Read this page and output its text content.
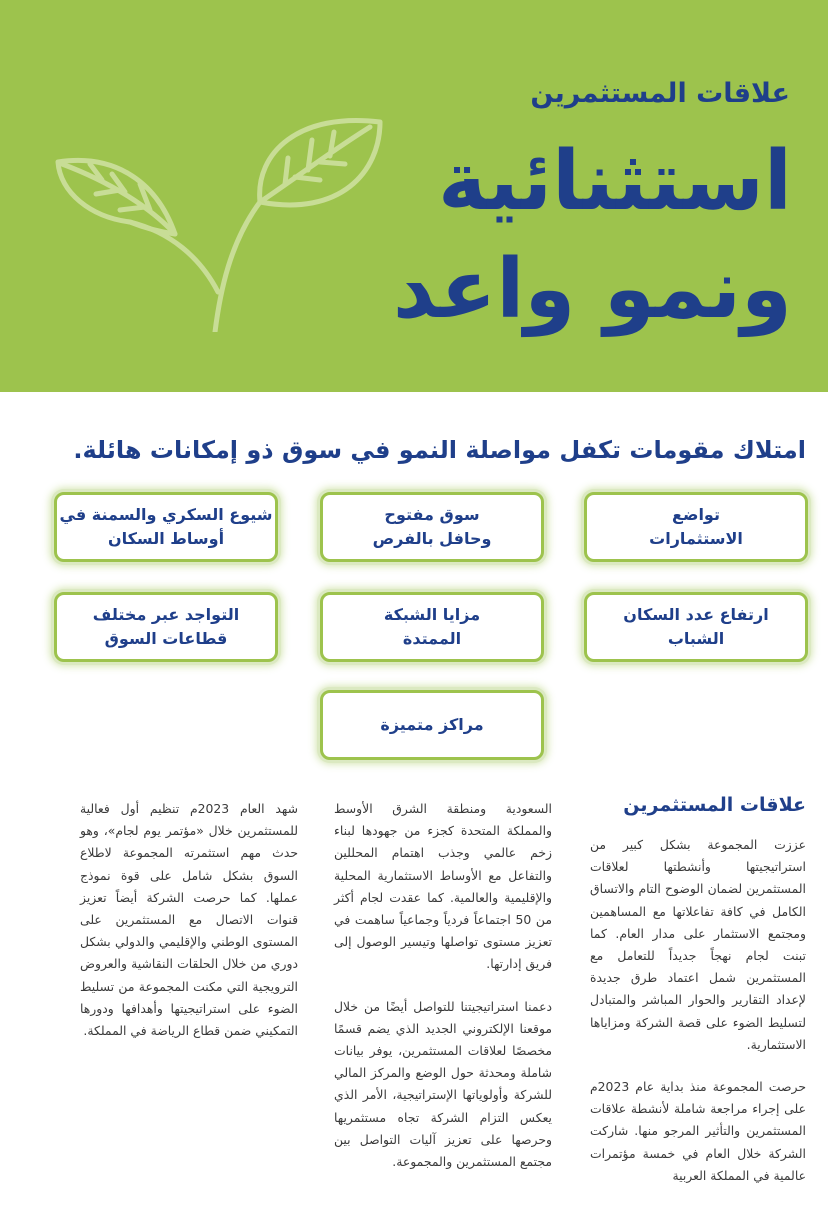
علاقات المستثمرين
استثنائية
ونمو واعد
امتلاك مقومات تكفل مواصلة النمو في سوق ذو إمكانات هائلة.
تواضع
الاستثمارات
سوق مفتوح
وحافل بالفرص
شيوع السكري والسمنة في
أوساط السكان
ارتفاع عدد السكان
الشباب
مزايا الشبكة
الممتدة
التواجد عبر مختلف
قطاعات السوق
مراكز متميزة
علاقات المستثمرين

عززت المجموعة بشكل كبير من استراتيجيتها وأنشطتها لعلاقات المستثمرين لضمان الوضوح التام والاتساق الكامل في كافة تفاعلاتها مع المساهمين ومجتمع الاستثمار على مدار العام. كما تبنت لجام نهجاً جديداً للتعامل مع المستثمرين شمل اعتماد طرق جديدة لإعداد التقارير والحوار المباشر والمتبادل لتسليط الضوء على قصة الشركة ومزاياها الاستثمارية.

حرصت المجموعة منذ بداية عام 2023م على إجراء مراجعة شاملة لأنشطة علاقات المستثمرين والتأثير المرجو منها. شاركت الشركة خلال العام في خمسة مؤتمرات عالمية في المملكة العربية

السعودية ومنطقة الشرق الأوسط والمملكة المتحدة كجزء من جهودها لبناء زخم عالمي وجذب اهتمام المحللين والتفاعل مع الأوساط الاستثمارية المحلية والإقليمية والعالمية. كما عقدت لجام أكثر من 50 اجتماعاً فردياً وجماعياً ساهمت في تعزيز مستوى تواصلها وتيسير الوصول إلى فريق إدارتها.

دعمنا استراتيجيتنا للتواصل أيضًا من خلال موقعنا الإلكتروني الجديد الذي يضم قسمًا مخصصًا لعلاقات المستثمرين، يوفر بيانات شاملة ومحدثة حول الوضع والمركز المالي للشركة وأولوياتها الإستراتيجية، الأمر الذي يعكس التزام الشركة تجاه مستثمريها وحرصها على تعزيز آليات التواصل بين مجتمع المستثمرين والمجموعة.

شهد العام 2023م تنظيم أول فعالية للمستثمرين خلال «مؤتمر يوم لجام»، وهو حدث مهم استثمرته المجموعة لاطلاع السوق بشكل شامل على قوة نموذج عملها. كما حرصت الشركة أيضاً تعزيز قنوات الاتصال مع المستثمرين على المستوى الوطني والإقليمي والدولي بشكل دوري من خلال الحلقات النقاشية والعروض الترويجية التي مكنت المجموعة من تسليط الضوء على استراتيجيتها وأهدافها ودورها التمكيني ضمن قطاع الرياضة في المملكة.
